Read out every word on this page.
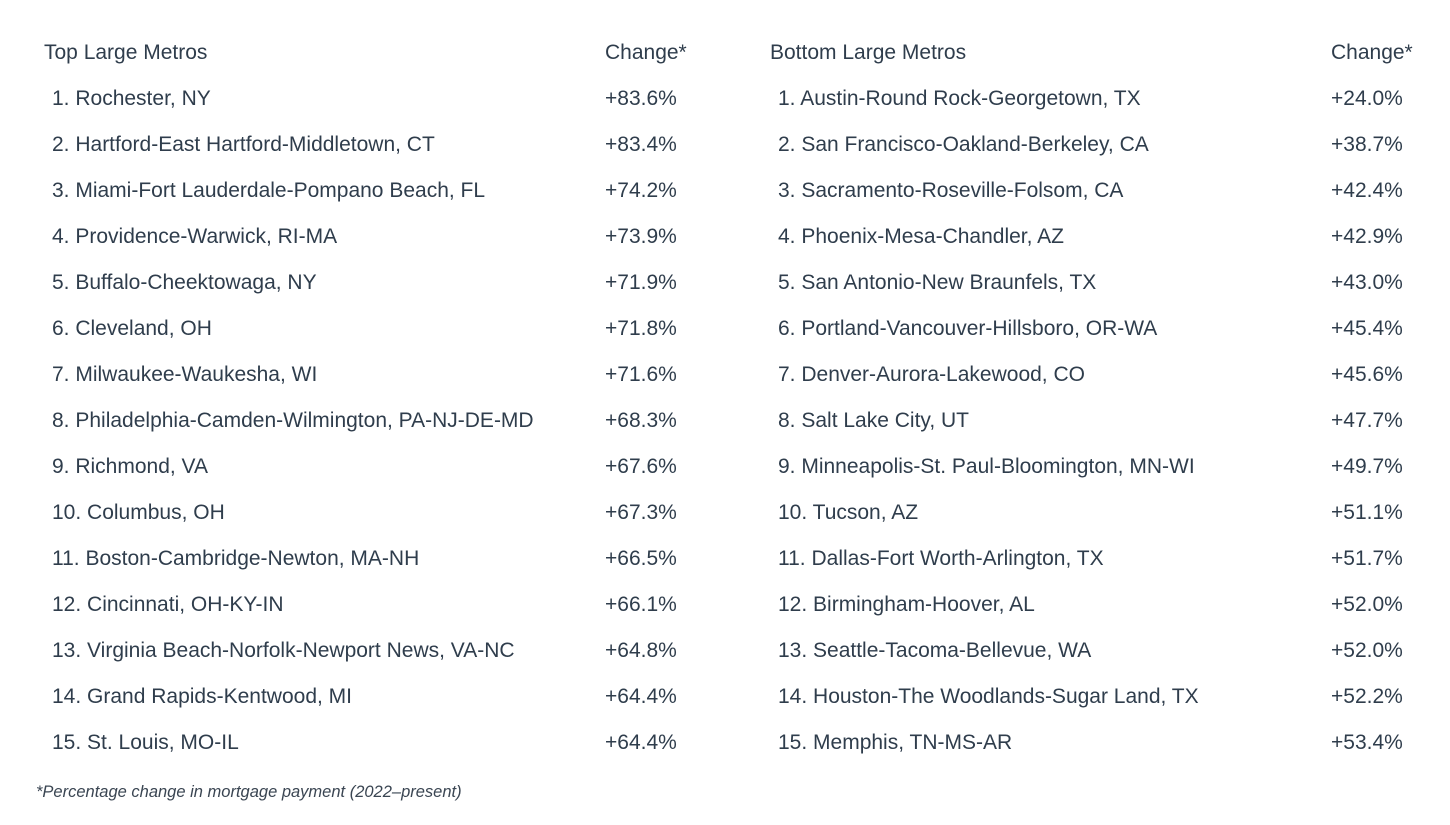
Top Large Metros	Change*
1. Rochester, NY	+83.6%
2. Hartford-East Hartford-Middletown, CT	+83.4%
3. Miami-Fort Lauderdale-Pompano Beach, FL	+74.2%
4. Providence-Warwick, RI-MA	+73.9%
5. Buffalo-Cheektowaga, NY	+71.9%
6. Cleveland, OH	+71.8%
7. Milwaukee-Waukesha, WI	+71.6%
8. Philadelphia-Camden-Wilmington, PA-NJ-DE-MD	+68.3%
9. Richmond, VA	+67.6%
10. Columbus, OH	+67.3%
11. Boston-Cambridge-Newton, MA-NH	+66.5%
12. Cincinnati, OH-KY-IN	+66.1%
13. Virginia Beach-Norfolk-Newport News, VA-NC	+64.8%
14. Grand Rapids-Kentwood, MI	+64.4%
15. St. Louis, MO-IL	+64.4%
Bottom Large Metros	Change*
1. Austin-Round Rock-Georgetown, TX	+24.0%
2. San Francisco-Oakland-Berkeley, CA	+38.7%
3. Sacramento-Roseville-Folsom, CA	+42.4%
4. Phoenix-Mesa-Chandler, AZ	+42.9%
5. San Antonio-New Braunfels, TX	+43.0%
6. Portland-Vancouver-Hillsboro, OR-WA	+45.4%
7. Denver-Aurora-Lakewood, CO	+45.6%
8. Salt Lake City, UT	+47.7%
9. Minneapolis-St. Paul-Bloomington, MN-WI	+49.7%
10. Tucson, AZ	+51.1%
11. Dallas-Fort Worth-Arlington, TX	+51.7%
12. Birmingham-Hoover, AL	+52.0%
13. Seattle-Tacoma-Bellevue, WA	+52.0%
14. Houston-The Woodlands-Sugar Land, TX	+52.2%
15. Memphis, TN-MS-AR	+53.4%
*Percentage change in mortgage payment (2022–present)
